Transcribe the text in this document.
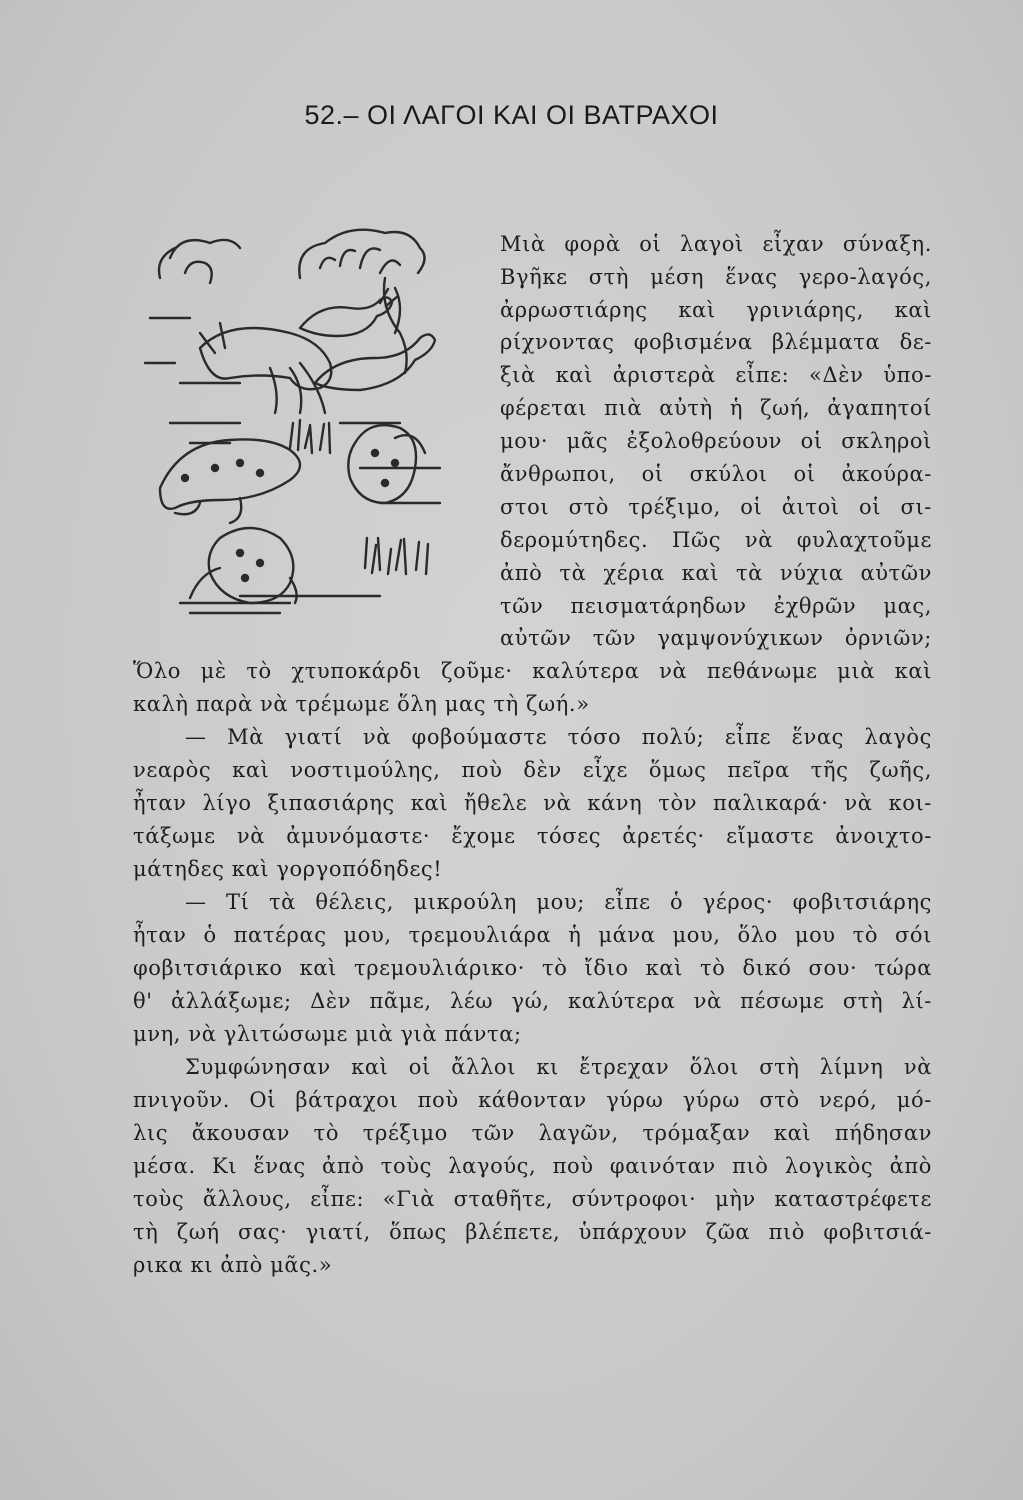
52.– ΟΙ ΛΑΓΟΙ ΚΑΙ ΟΙ ΒΑΤΡΑΧΟΙ
Μιὰ φορὰ οἱ λαγοὶ εἶχαν σύναξη.
Βγῆκε στὴ μέση ἕνας γερο-λαγός,
ἀρρωστιάρης καὶ γρινιάρης, καὶ
ρίχνοντας φοβισμένα βλέμματα δε-
ξιὰ καὶ ἀριστερὰ εἶπε: «Δὲν ὑπο-
φέρεται πιὰ αὐτὴ ἡ ζωή, ἀγαπητοί
μου· μᾶς ἐξολοθρεύουν οἱ σκληροὶ
ἄνθρωποι, οἱ σκύλοι οἱ ἀκούρα-
στοι στὸ τρέξιμο, οἱ ἀιτοὶ οἱ σι-
δερομύτηδες. Πῶς νὰ φυλαχτοῦμε
ἀπὸ τὰ χέρια καὶ τὰ νύχια αὐτῶν
τῶν πεισματάρηδων ἐχθρῶν μας,
αὐτῶν τῶν γαμψονύχικων ὀρνιῶν;
Ὅλο μὲ τὸ χτυποκάρδι ζοῦμε· καλύτερα νὰ πεθάνωμε μιὰ καὶ
καλὴ παρὰ νὰ τρέμωμε ὅλη μας τὴ ζωή.»
— Μὰ γιατί νὰ φοβούμαστε τόσο πολύ; εἶπε ἕνας λαγὸς
νεαρὸς καὶ νοστιμούλης, ποὺ δὲν εἶχε ὅμως πεῖρα τῆς ζωῆς,
ἦταν λίγο ξιπασιάρης καὶ ἤθελε νὰ κάνη τὸν παλικαρά· νὰ κοι-
τάξωμε νὰ ἀμυνόμαστε· ἔχομε τόσες ἀρετές· εἴμαστε ἀνοιχτο-
μάτηδες καὶ γοργοπόδηδες!
— Τί τὰ θέλεις, μικρούλη μου; εἶπε ὁ γέρος· φοβιτσιάρης
ἦταν ὁ πατέρας μου, τρεμουλιάρα ἡ μάνα μου, ὅλο μου τὸ σόι
φοβιτσιάρικο καὶ τρεμουλιάρικο· τὸ ἴδιο καὶ τὸ δικό σου· τώρα
θ' ἀλλάξωμε; Δὲν πᾶμε, λέω γώ, καλύτερα νὰ πέσωμε στὴ λί-
μνη, νὰ γλιτώσωμε μιὰ γιὰ πάντα;
Συμφώνησαν καὶ οἱ ἄλλοι κι ἔτρεχαν ὅλοι στὴ λίμνη νὰ
πνιγοῦν. Οἱ βάτραχοι ποὺ κάθονταν γύρω γύρω στὸ νερό, μό-
λις ἄκουσαν τὸ τρέξιμο τῶν λαγῶν, τρόμαξαν καὶ πήδησαν
μέσα. Κι ἕνας ἀπὸ τοὺς λαγούς, ποὺ φαινόταν πιὸ λογικὸς ἀπὸ
τοὺς ἄλλους, εἶπε: «Γιὰ σταθῆτε, σύντροφοι· μὴν καταστρέφετε
τὴ ζωή σας· γιατί, ὅπως βλέπετε, ὑπάρχουν ζῶα πιὸ φοβιτσιά-
ρικα κι ἀπὸ μᾶς.»
